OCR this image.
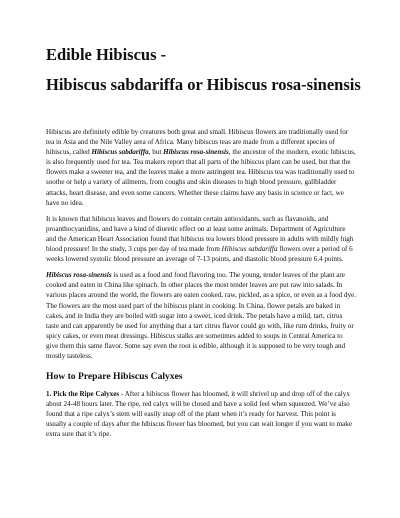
Edible Hibiscus -
Hibiscus sabdariffa or Hibiscus rosa-sinensis

Hibiscus are definitely edible by creatures both great and small. Hibiscus flowers are traditionally used for tea in Asia and the Nile Valley area of Africa. Many hibiscus teas are made from a different species of hibiscus, called Hibiscus sabdariffa, but Hibiscus rosa-sinensis, the ancestor of the modern, exotic hibiscus, is also frequently used for tea. Tea makers report that all parts of the hibiscus plant can be used, but that the flowers make a sweeter tea, and the leaves make a more astringent tea. Hibiscus tea was traditionally used to soothe or help a variety of ailments, from coughs and skin diseases to high blood pressure, gallbladder attacks, heart disease, and even some cancers. Whether these claims have any basis in science or fact, we have no idea.

It is known that hibiscus leaves and flowers do contain certain antioxidants, such as flavanoids, and proanthocyanidins, and have a kind of diuretic effect on at least some animals. Department of Agriculture and the American Heart Association found that hibiscus tea lowers blood pressure in adults with mildly high blood pressure! In the study, 3 cups per day of tea made from Hibiscus sabdariffa flowers over a period of 6 weeks lowered systolic blood pressure an average of 7-13 points, and diastolic blood pressure 6.4 points.

Hibiscus rosa-sinensis is used as a food and food flavoring too. The young, tender leaves of the plant are cooked and eaten in China like spinach. In other places the most tender leaves are put raw into salads. In various places around the world, the flowers are eaten cooked, raw, pickled, as a spice, or even as a food dye. The flowers are the most used part of the hibiscus plant in cooking. In China, flower petals are baked in cakes, and in India they are boiled with sugar into a sweet, iced drink. The petals have a mild, tart, citrus taste and can apparently be used for anything that a tart citrus flavor could go with, like rum drinks, fruity or spicy cakes, or even meat dressings. Hibiscus stalks are sometimes added to soups in Central America to give them this same flavor. Some say even the root is edible, although it is supposed to be very tough and mostly tasteless.

How to Prepare Hibiscus Calyxes

1. Pick the Ripe Calyxes - After a hibiscus flower has bloomed, it will shrivel up and drop off of the calyx about 24-48 hours later. The ripe, red calyx will be closed and have a solid feel when squeezed. We’ve also found that a ripe calyx’s stem will easily snap off of the plant when it’s ready for harvest. This point is usually a couple of days after the hibiscus flower has bloomed, but you can wait longer if you want to make extra sure that it’s ripe.
